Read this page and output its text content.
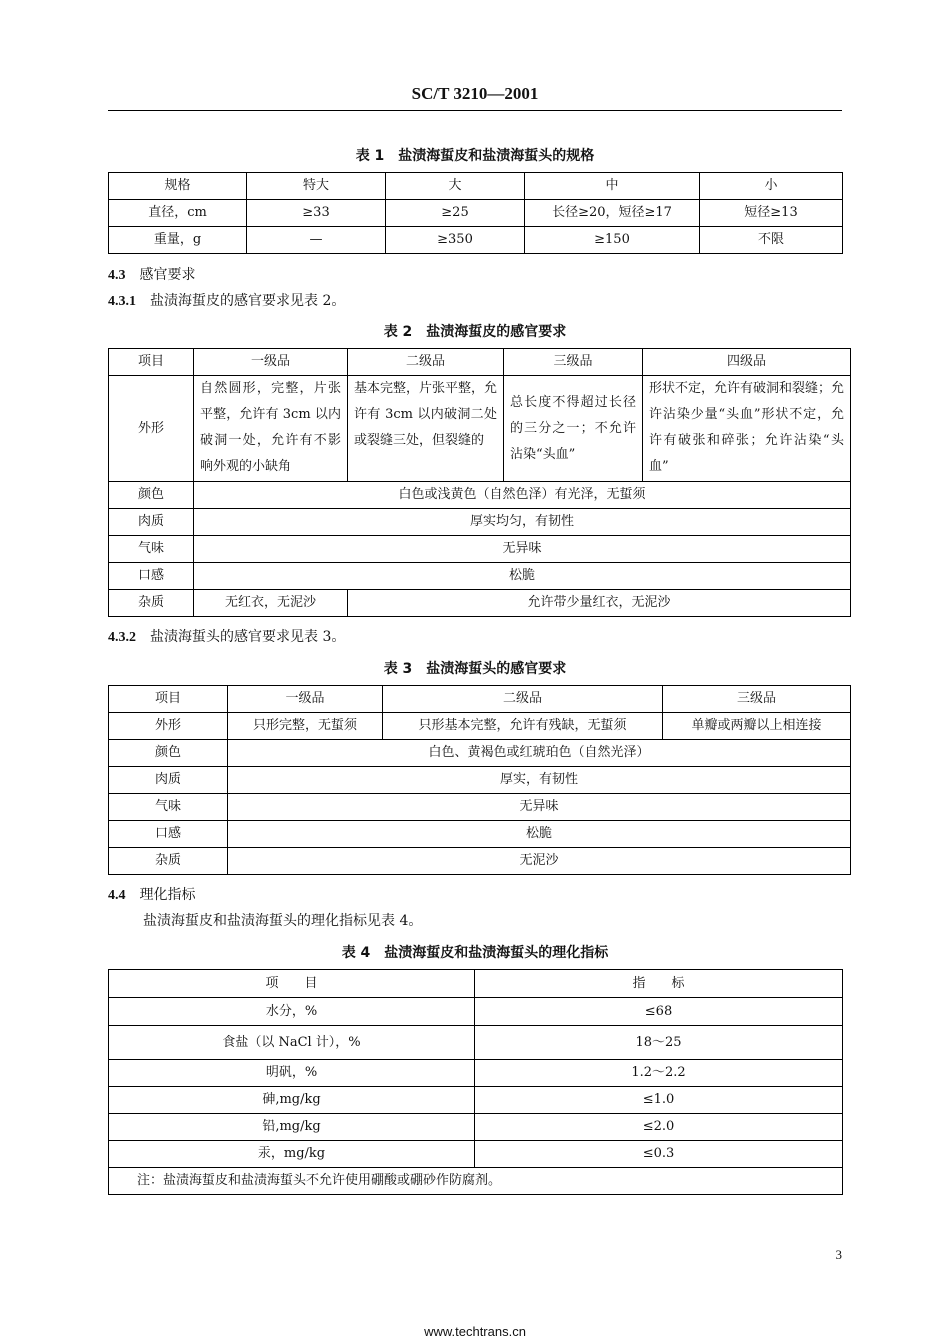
SC/T 3210—2001
表 1　盐渍海蜇皮和盐渍海蜇头的规格
规格	特大	大	中	小
直径，cm	≥33	≥25	长径≥20，短径≥17	短径≥13
重量，g	—	≥350	≥150	不限
4.3 感官要求
4.3.1 盐渍海蜇皮的感官要求见表 2。
表 2　盐渍海蜇皮的感官要求
项目	一级品	二级品	三级品	四级品
外形	自然圆形，完整，片张平整，允许有 3cm 以内破洞一处，允许有不影响外观的小缺角	基本完整，片张平整，允许有 3cm 以内破洞二处或裂缝三处，但裂缝的	总长度不得超过长径的三分之一；不允许沾染“头血”	形状不定，允许有破洞和裂缝；允许沾染少量“头血”形状不定，允许有破张和碎张；允许沾染“头血”
颜色	白色或浅黄色（自然色泽）有光泽，无蜇须			
肉质	厚实均匀，有韧性			
气味	无异味			
口感	松脆			
杂质	无红衣，无泥沙	允许带少量红衣，无泥沙		
4.3.2 盐渍海蜇头的感官要求见表 3。
表 3　盐渍海蜇头的感官要求
项目	一级品	二级品	三级品
外形	只形完整，无蜇须	只形基本完整，允许有残缺，无蜇须	单瓣或两瓣以上相连接
颜色	白色、黄褐色或红琥珀色（自然光泽）		
肉质	厚实，有韧性		
气味	无异味		
口感	松脆		
杂质	无泥沙		
4.4 理化指标
盐渍海蜇皮和盐渍海蜇头的理化指标见表 4。
表 4　盐渍海蜇皮和盐渍海蜇头的理化指标
项　　目	指　　标
水分，%	≤68
食盐（以 NaCl 计），%	18～25
明矾，%	1.2～2.2
砷,mg/kg	≤1.0
铅,mg/kg	≤2.0
汞，mg/kg	≤0.3
注：盐渍海蜇皮和盐渍海蜇头不允许使用硼酸或硼砂作防腐剂。	
3
www.techtrans.cn
